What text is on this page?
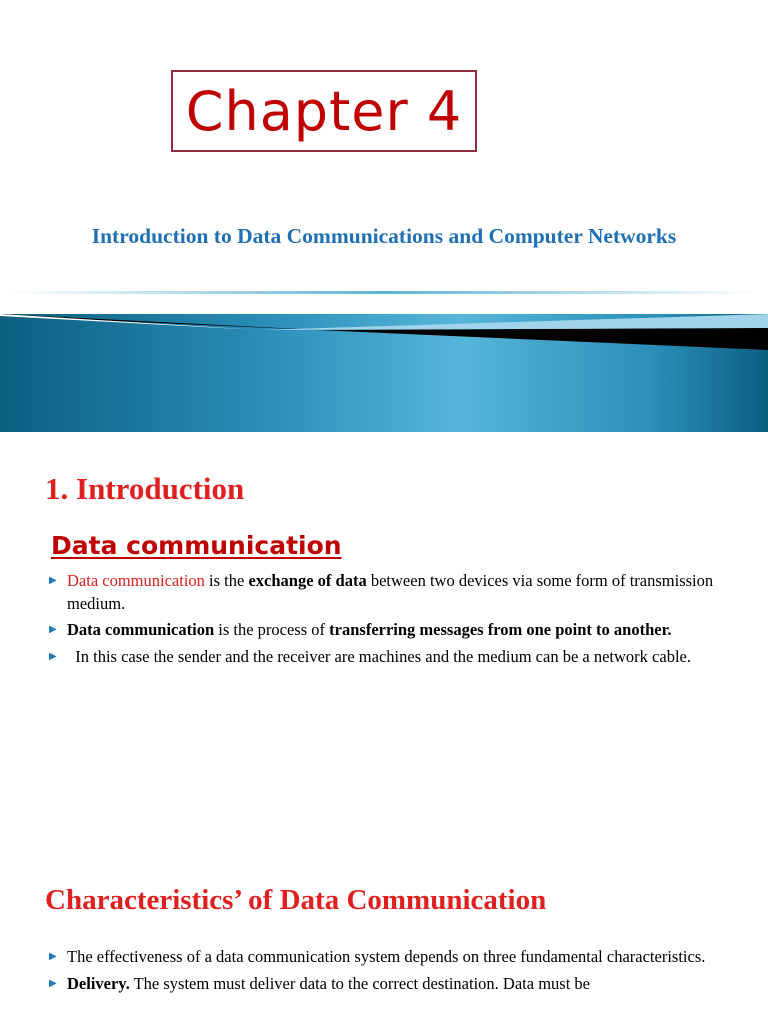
Chapter 4
Introduction to Data Communications and Computer Networks
1. Introduction
Data communication
▶ Data communication is the exchange of data between two devices via some form of transmission medium.
▶ Data communication is the process of transferring messages from one point to another.
▶ In this case the sender and the receiver are machines and the medium can be a network cable.
Characteristics’ of Data Communication
▶ The effectiveness of a data communication system depends on three fundamental characteristics.
▶ Delivery. The system must deliver data to the correct destination. Data must be
